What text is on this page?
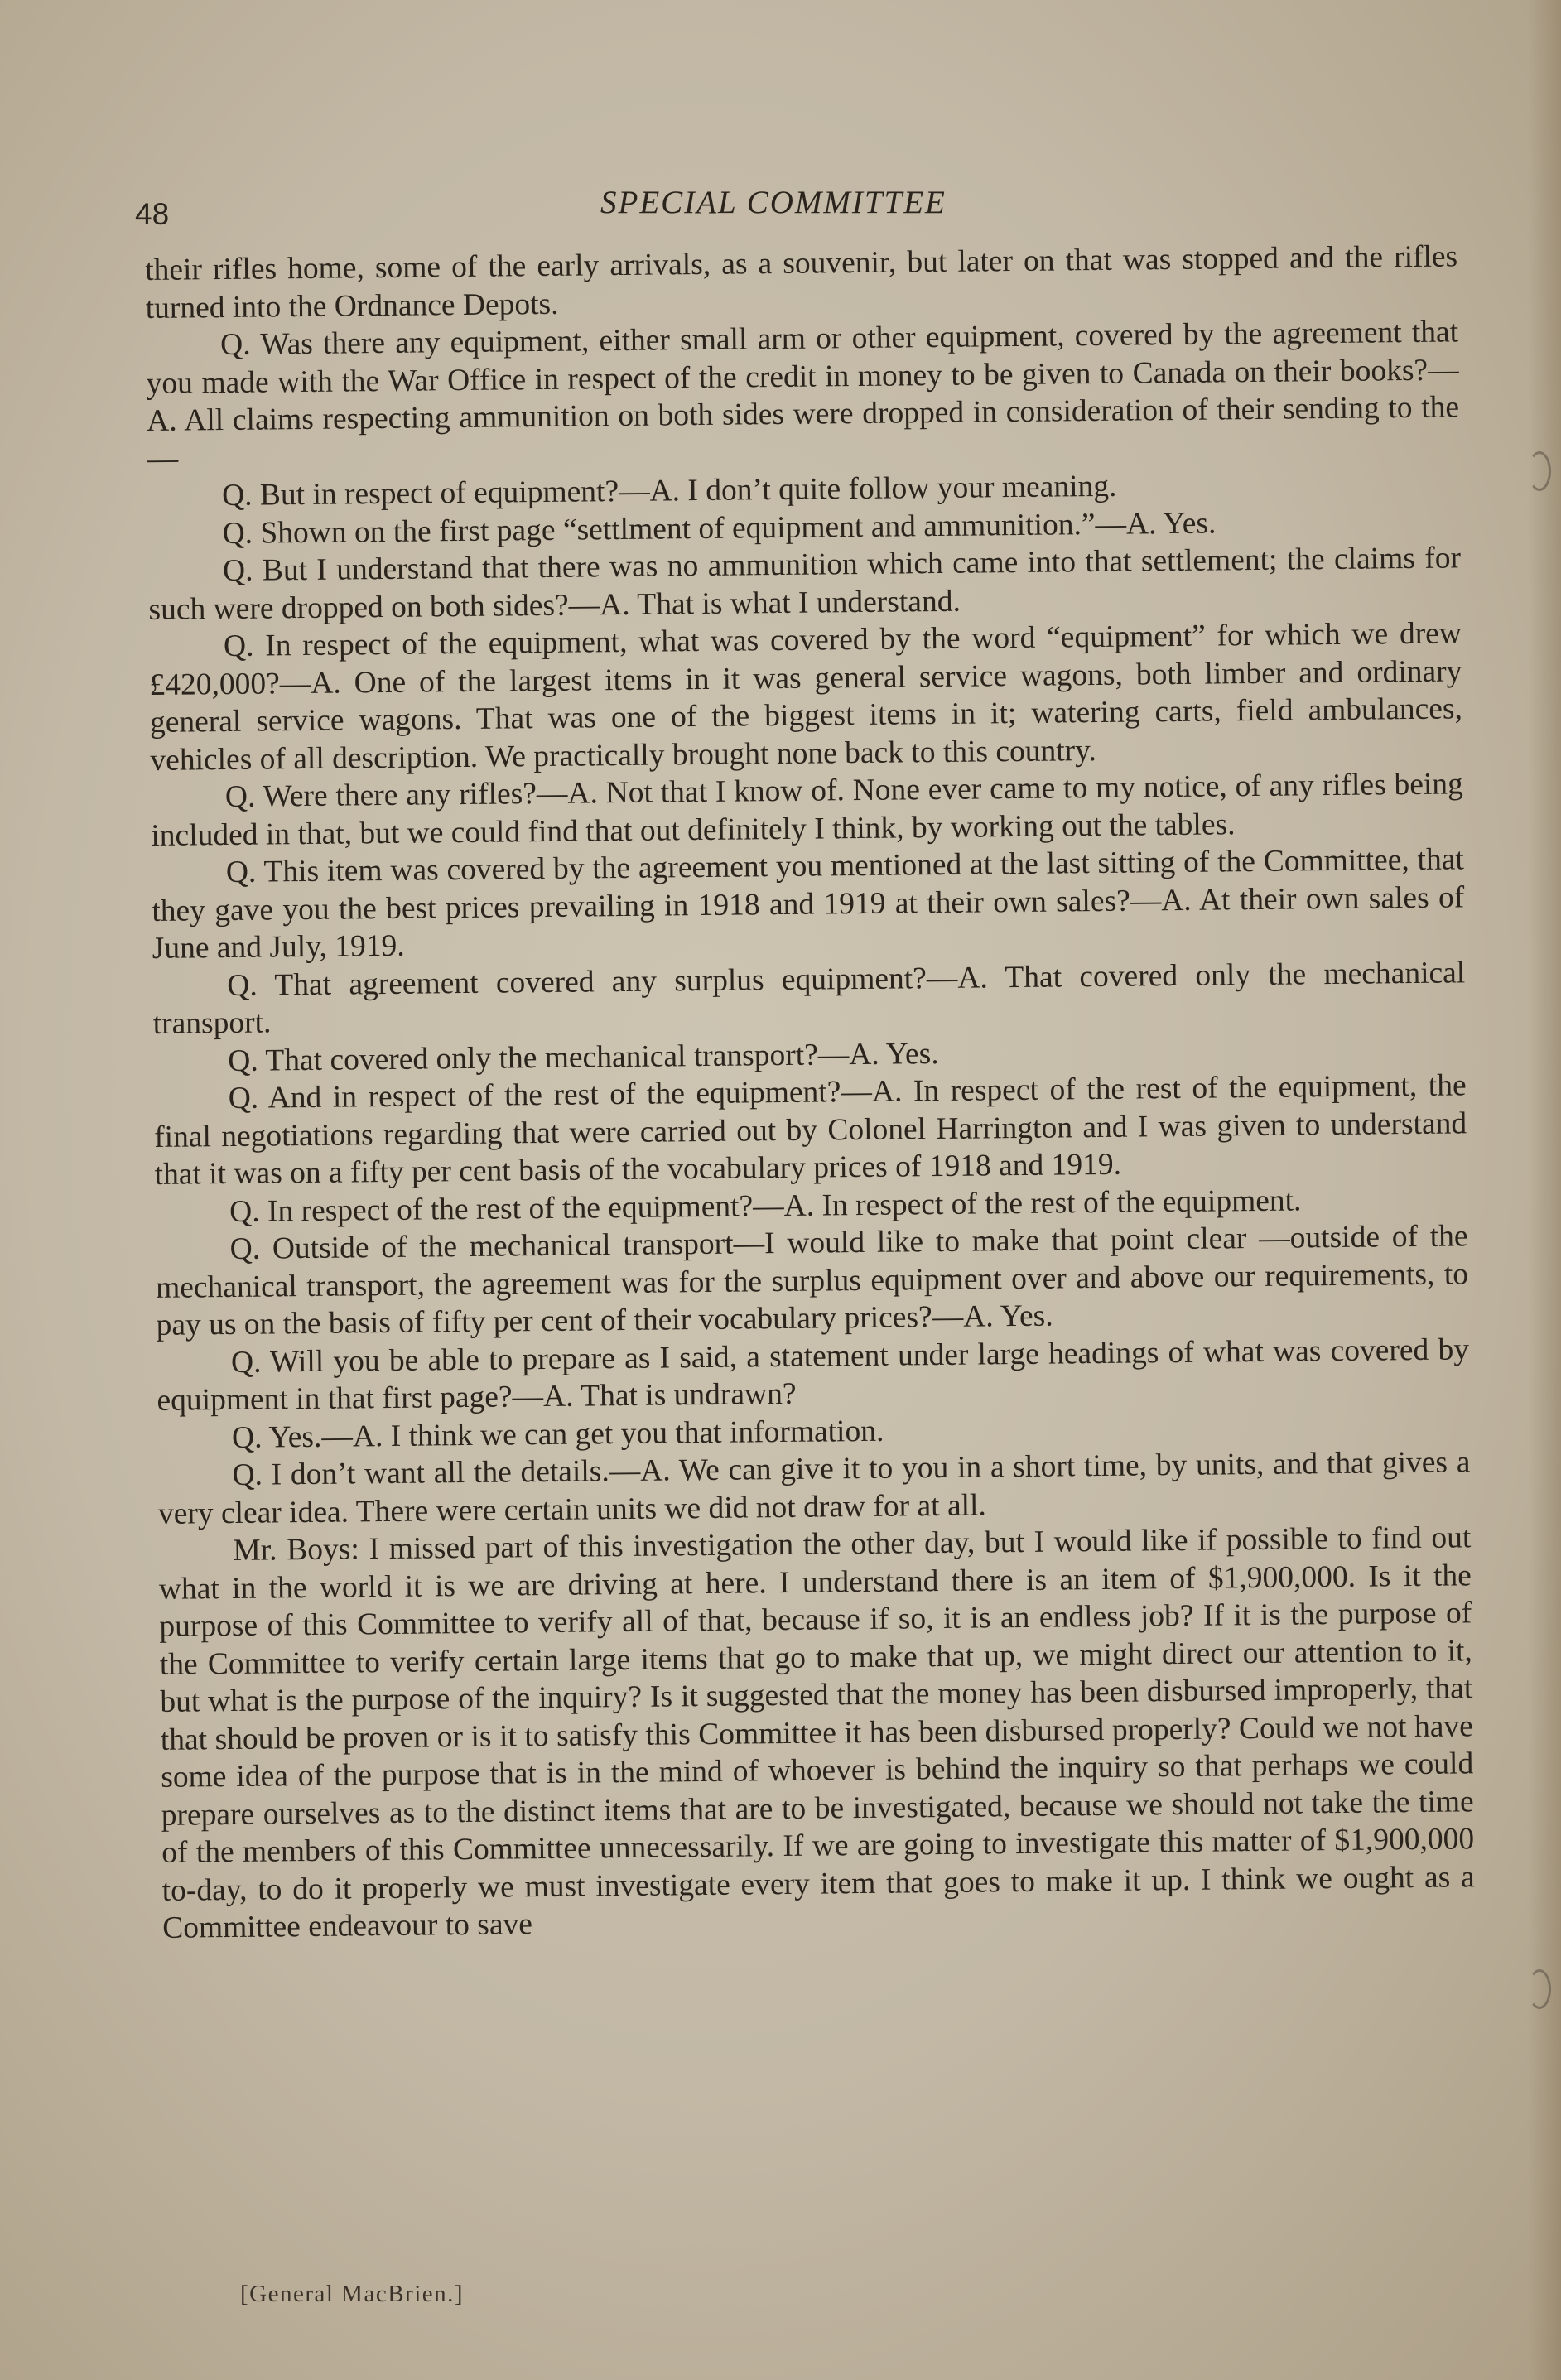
48	SPECIAL COMMITTEE

their rifles home, some of the early arrivals, as a souvenir, but later on that was stopped and the rifles turned into the Ordnance Depots.

Q. Was there any equipment, either small arm or other equipment, covered by the agreement that you made with the War Office in respect of the credit in money to be given to Canada on their books?—A. All claims respecting ammunition on both sides were dropped in consideration of their sending to the—

Q. But in respect of equipment?—A. I don’t quite follow your meaning.

Q. Shown on the first page “settlment of equipment and ammunition.”—A. Yes.

Q. But I understand that there was no ammunition which came into that settlement; the claims for such were dropped on both sides?—A. That is what I understand.

Q. In respect of the equipment, what was covered by the word “equipment” for which we drew £420,000?—A. One of the largest items in it was general service wagons, both limber and ordinary general service wagons. That was one of the biggest items in it; watering carts, field ambulances, vehicles of all description. We practically brought none back to this country.

Q. Were there any rifles?—A. Not that I know of. None ever came to my notice, of any rifles being included in that, but we could find that out definitely I think, by working out the tables.

Q. This item was covered by the agreement you mentioned at the last sitting of the Committee, that they gave you the best prices prevailing in 1918 and 1919 at their own sales?—A. At their own sales of June and July, 1919.

Q. That agreement covered any surplus equipment?—A. That covered only the mechanical transport.

Q. That covered only the mechanical transport?—A. Yes.

Q. And in respect of the rest of the equipment?—A. In respect of the rest of the equipment, the final negotiations regarding that were carried out by Colonel Harrington and I was given to understand that it was on a fifty per cent basis of the vocabulary prices of 1918 and 1919.

Q. In respect of the rest of the equipment?—A. In respect of the rest of the equipment.

Q. Outside of the mechanical transport—I would like to make that point clear —outside of the mechanical transport, the agreement was for the surplus equipment over and above our requirements, to pay us on the basis of fifty per cent of their vocabulary prices?—A. Yes.

Q. Will you be able to prepare as I said, a statement under large headings of what was covered by equipment in that first page?—A. That is undrawn?

Q. Yes.—A. I think we can get you that information.

Q. I don’t want all the details.—A. We can give it to you in a short time, by units, and that gives a very clear idea. There were certain units we did not draw for at all.

Mr. Boys: I missed part of this investigation the other day, but I would like if possible to find out what in the world it is we are driving at here. I understand there is an item of $1,900,000. Is it the purpose of this Committee to verify all of that, because if so, it is an endless job? If it is the purpose of the Committee to verify certain large items that go to make that up, we might direct our attention to it, but what is the purpose of the inquiry? Is it suggested that the money has been disbursed improperly, that that should be proven or is it to satisfy this Committee it has been disbursed properly? Could we not have some idea of the purpose that is in the mind of whoever is behind the inquiry so that perhaps we could prepare ourselves as to the distinct items that are to be investigated, because we should not take the time of the members of this Committee unnecessarily. If we are going to investigate this matter of $1,900,000 to-day, to do it properly we must investigate every item that goes to make it up. I think we ought as a Committee endeavour to save

[General MacBrien.]
